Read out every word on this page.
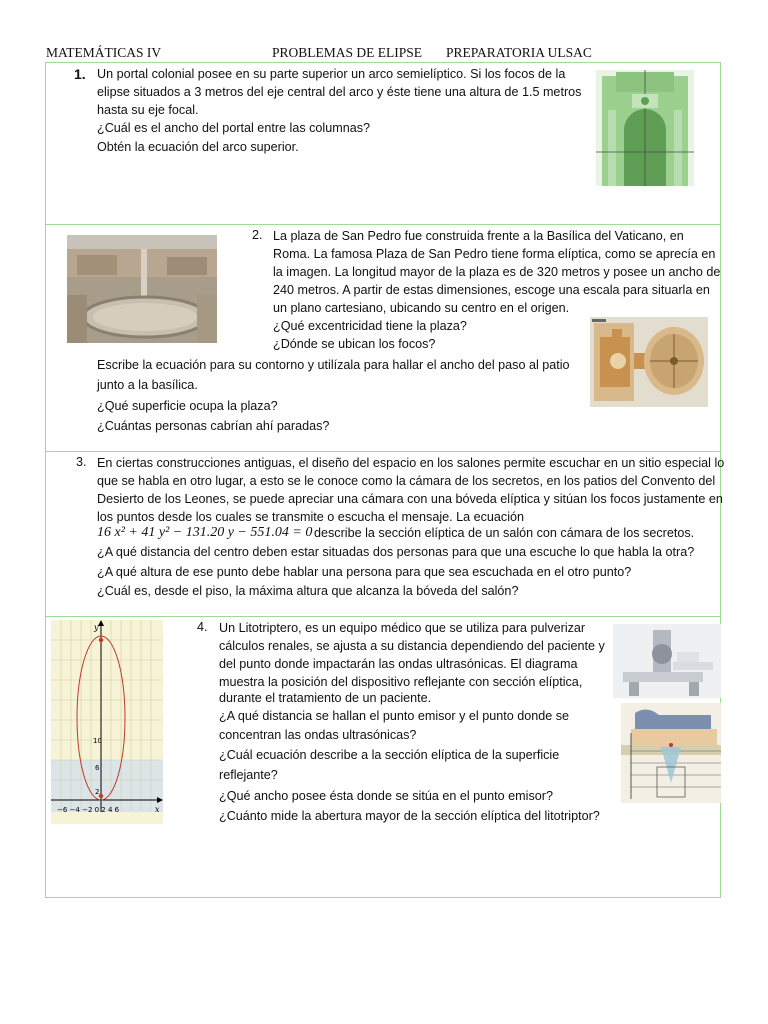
MATEMÁTICAS IV	PROBLEMAS DE ELIPSE PREPARATORIA ULSAC
1. Un portal colonial posee en su parte superior un arco semielíptico. Si los focos de la
elipse situados a 3 metros del eje central del arco y éste tiene una altura de 1.5 metros
hasta su eje focal.
¿Cuál es el ancho del portal entre las columnas?
Obtén la ecuación del arco superior.
2. La plaza de San Pedro fue construida frente a la Basílica del Vaticano, en
Roma. La famosa Plaza de San Pedro tiene forma elíptica, como se aprecía en
la imagen. La longitud mayor de la plaza es de 320 metros y posee un ancho de
240 metros. A partir de estas dimensiones, escoge una escala para situarla en
un plano cartesiano, ubicando su centro en el origen.
¿Qué excentricidad tiene la plaza?
¿Dónde se ubican los focos?
Escribe la ecuación para su contorno y utilízala para hallar el ancho del paso al patio
junto a la basílica.
¿Qué superficie ocupa la plaza?
¿Cuántas personas cabrían ahí paradas?
3. En ciertas construcciones antiguas, el diseño del espacio en los salones permite escuchar en un sitio especial lo
que se habla en otro lugar, a esto se le conoce como la cámara de los secretos, en los patios del Convento del
Desierto de los Leones, se puede apreciar una cámara con una bóveda elíptica y sitúan los focos justamente en
los puntos desde los cuales se transmite o escucha el mensaje. La ecuación
16 x² + 41 y² − 131.20 y − 551.04 = 0 describe la sección elíptica de un salón con cámara de los secretos.
¿A qué distancia del centro deben estar situadas dos personas para que una escuche lo que habla la otra?
¿A qué altura de ese punto debe hablar una persona para que sea escuchada en el otro punto?
¿Cuál es, desde el piso, la máxima altura que alcanza la bóveda del salón?
y
x
−6 −4 −2 0 2 4 6
10
6
2
4. Un Litotriptero, es un equipo médico que se utiliza para pulverizar
cálculos renales, se ajusta a su distancia dependiendo del paciente y
del punto donde impactarán las ondas ultrasónicas. El diagrama
muestra la posición del dispositivo reflejante con sección elíptica,
durante el tratamiento de un paciente.
¿A qué distancia se hallan el punto emisor y el punto donde se
concentran las ondas ultrasónicas?
¿Cuál ecuación describe a la sección elíptica de la superficie
reflejante?
¿Qué ancho posee ésta donde se sitúa en el punto emisor?
¿Cuánto mide la abertura mayor de la sección elíptica del litotriptor?
